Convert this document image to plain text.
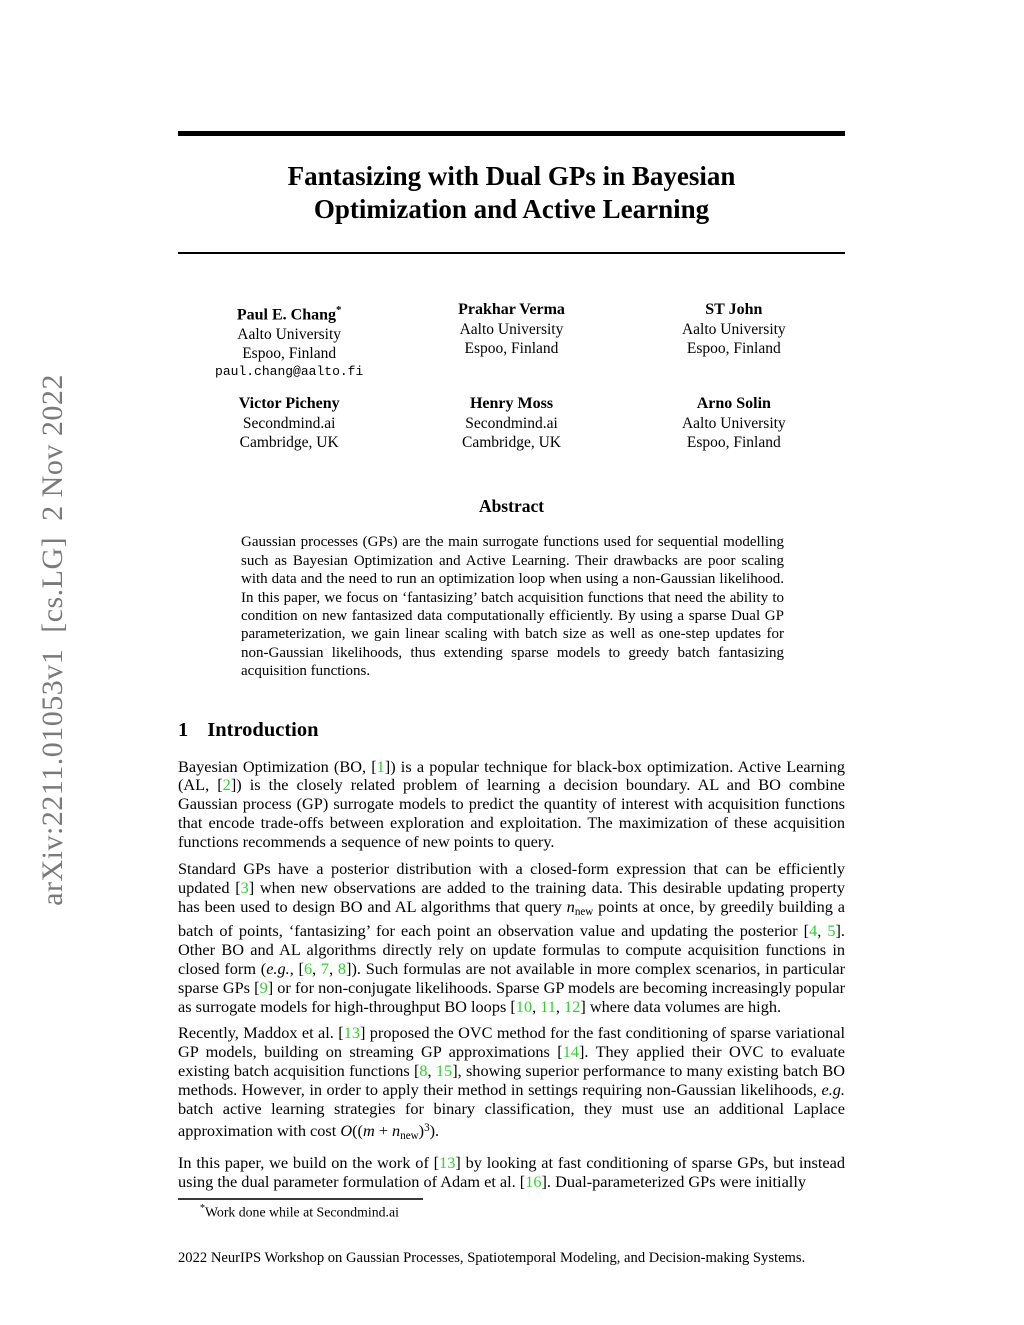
arXiv:2211.01053v1  [cs.LG]  2 Nov 2022
Fantasizing with Dual GPs in Bayesian
Optimization and Active Learning
Paul E. Chang*
Aalto University
Espoo, Finland
paul.chang@aalto.fi
Prakhar Verma
Aalto University
Espoo, Finland
ST John
Aalto University
Espoo, Finland
Victor Picheny
Secondmind.ai
Cambridge, UK
Henry Moss
Secondmind.ai
Cambridge, UK
Arno Solin
Aalto University
Espoo, Finland
Abstract
Gaussian processes (GPs) are the main surrogate functions used for sequential modelling such as Bayesian Optimization and Active Learning. Their drawbacks are poor scaling with data and the need to run an optimization loop when using a non-Gaussian likelihood. In this paper, we focus on ‘fantasizing’ batch acquisition functions that need the ability to condition on new fantasized data computationally efficiently. By using a sparse Dual GP parameterization, we gain linear scaling with batch size as well as one-step updates for non-Gaussian likelihoods, thus extending sparse models to greedy batch fantasizing acquisition functions.
1 Introduction

Bayesian Optimization (BO, [1]) is a popular technique for black-box optimization. Active Learning (AL, [2]) is the closely related problem of learning a decision boundary. AL and BO combine Gaussian process (GP) surrogate models to predict the quantity of interest with acquisition functions that encode trade-offs between exploration and exploitation. The maximization of these acquisition functions recommends a sequence of new points to query.

Standard GPs have a posterior distribution with a closed-form expression that can be efficiently updated [3] when new observations are added to the training data. This desirable updating property has been used to design BO and AL algorithms that query nnew points at once, by greedily building a batch of points, ‘fantasizing’ for each point an observation value and updating the posterior [4, 5]. Other BO and AL algorithms directly rely on update formulas to compute acquisition functions in closed form (e.g., [6, 7, 8]). Such formulas are not available in more complex scenarios, in particular sparse GPs [9] or for non-conjugate likelihoods. Sparse GP models are becoming increasingly popular as surrogate models for high-throughput BO loops [10, 11, 12] where data volumes are high.

Recently, Maddox et al. [13] proposed the OVC method for the fast conditioning of sparse variational GP models, building on streaming GP approximations [14]. They applied their OVC to evaluate existing batch acquisition functions [8, 15], showing superior performance to many existing batch BO methods. However, in order to apply their method in settings requiring non-Gaussian likelihoods, e.g. batch active learning strategies for binary classification, they must use an additional Laplace approximation with cost O((m + nnew)$^3$).

In this paper, we build on the work of [13] by looking at fast conditioning of sparse GPs, but instead using the dual parameter formulation of Adam et al. [16]. Dual-parameterized GPs were initially

*Work done while at Secondmind.ai
2022 NeurIPS Workshop on Gaussian Processes, Spatiotemporal Modeling, and Decision-making Systems.
